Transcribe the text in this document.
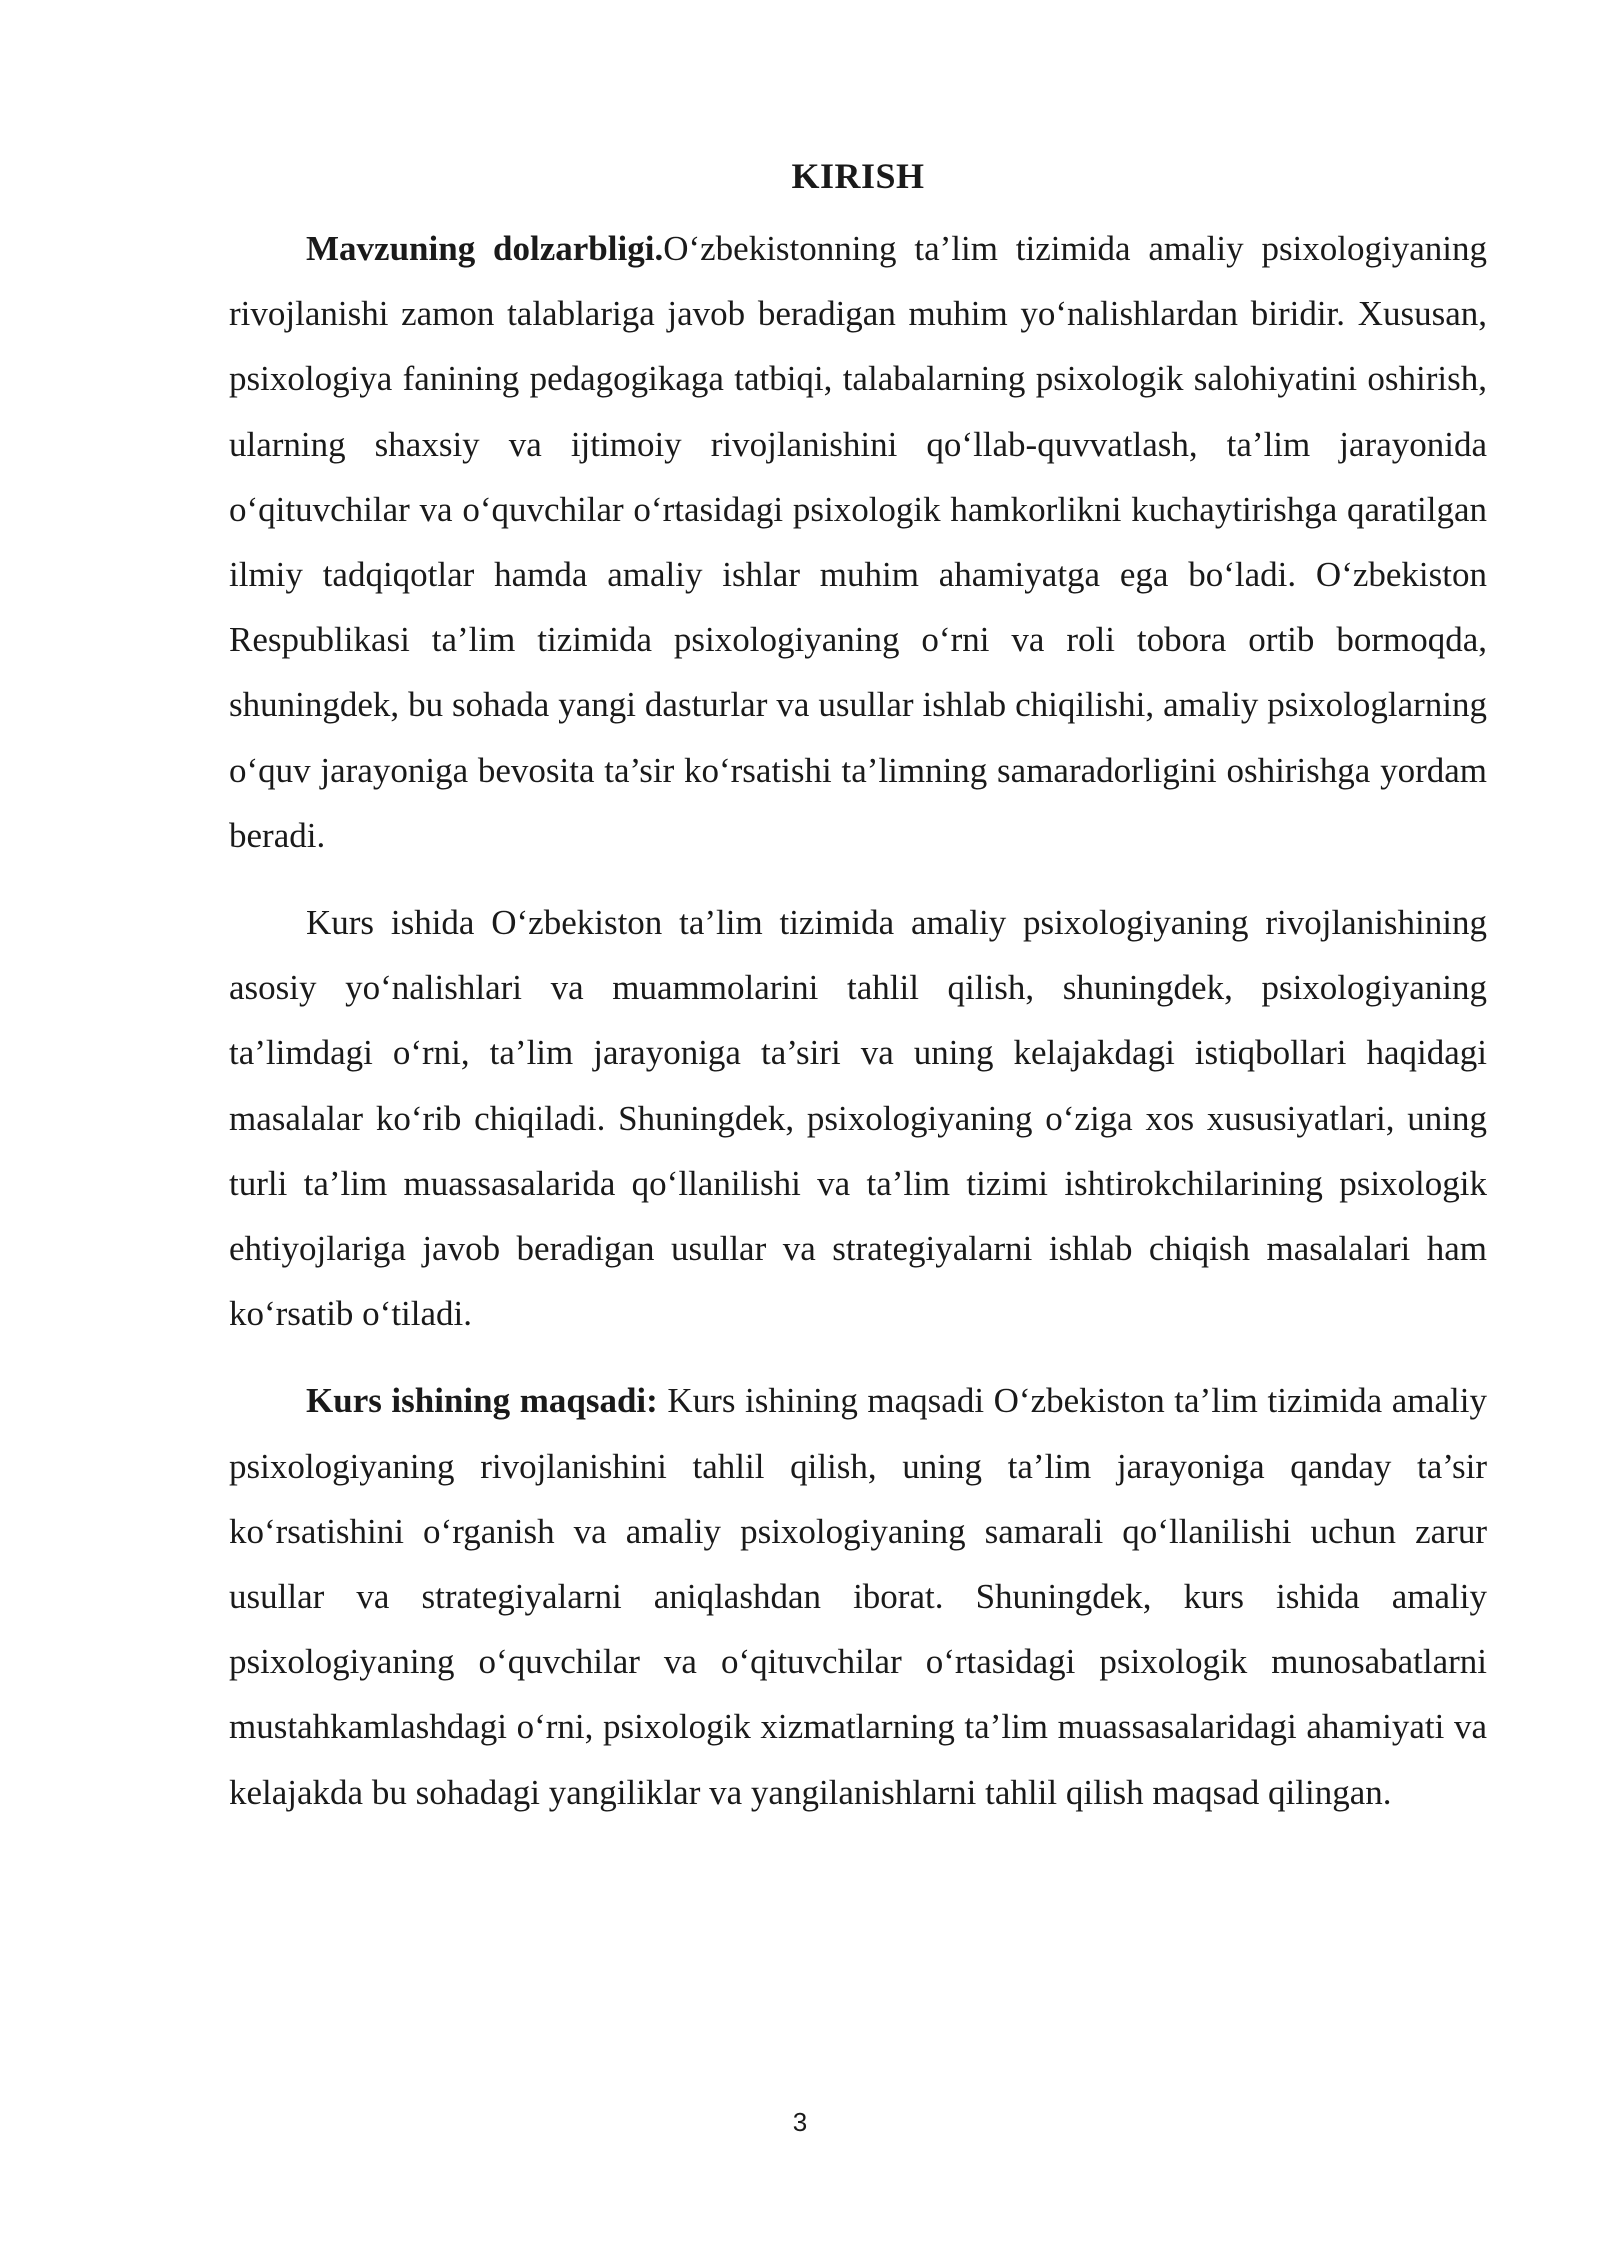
KIRISH

Mavzuning dolzarbligi.O‘zbekistonning ta’lim tizimida amaliy psixologiyaning rivojlanishi zamon talablariga javob beradigan muhim yo‘nalishlardan biridir. Xususan, psixologiya fanining pedagogikaga tatbiqi, talabalarning psixologik salohiyatini oshirish, ularning shaxsiy va ijtimoiy rivojlanishini qo‘llab-quvvatlash, ta’lim jarayonida o‘qituvchilar va o‘quvchilar o‘rtasidagi psixologik hamkorlikni kuchaytirishga qaratilgan ilmiy tadqiqotlar hamda amaliy ishlar muhim ahamiyatga ega bo‘ladi. O‘zbekiston Respublikasi ta’lim tizimida psixologiyaning o‘rni va roli tobora ortib bormoqda, shuningdek, bu sohada yangi dasturlar va usullar ishlab chiqilishi, amaliy psixologlarning o‘quv jarayoniga bevosita ta’sir ko‘rsatishi ta’limning samaradorligini oshirishga yordam beradi.

Kurs ishida O‘zbekiston ta’lim tizimida amaliy psixologiyaning rivojlanishining asosiy yo‘nalishlari va muammolarini tahlil qilish, shuningdek, psixologiyaning ta’limdagi o‘rni, ta’lim jarayoniga ta’siri va uning kelajakdagi istiqbollari haqidagi masalalar ko‘rib chiqiladi. Shuningdek, psixologiyaning o‘ziga xos xususiyatlari, uning turli ta’lim muassasalarida qo‘llanilishi va ta’lim tizimi ishtirokchilarining psixologik ehtiyojlariga javob beradigan usullar va strategiyalarni ishlab chiqish masalalari ham ko‘rsatib o‘tiladi.

Kurs ishining maqsadi: Kurs ishining maqsadi O‘zbekiston ta’lim tizimida amaliy psixologiyaning rivojlanishini tahlil qilish, uning ta’lim jarayoniga qanday ta’sir ko‘rsatishini o‘rganish va amaliy psixologiyaning samarali qo‘llanilishi uchun zarur usullar va strategiyalarni aniqlashdan iborat. Shuningdek, kurs ishida amaliy psixologiyaning o‘quvchilar va o‘qituvchilar o‘rtasidagi psixologik munosabatlarni mustahkamlashdagi o‘rni, psixologik xizmatlarning ta’lim muassasalaridagi ahamiyati va kelajakda bu sohadagi yangiliklar va yangilanishlarni tahlil qilish maqsad qilingan.

3
